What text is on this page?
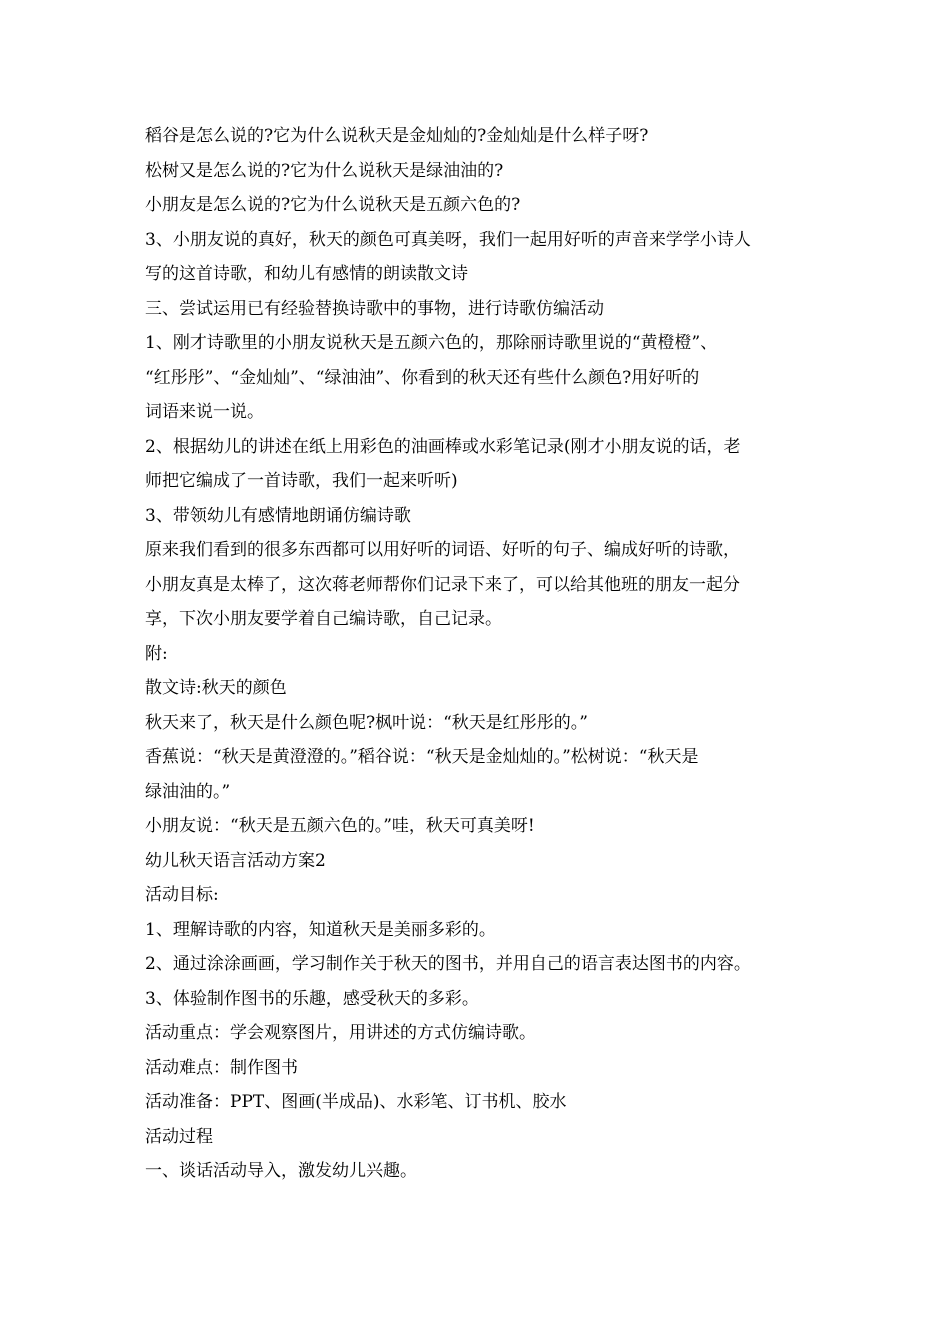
稻谷是怎么说的?它为什么说秋天是金灿灿的?金灿灿是什么样子呀?

松树又是怎么说的?它为什么说秋天是绿油油的?

小朋友是怎么说的?它为什么说秋天是五颜六色的?

3、小朋友说的真好，秋天的颜色可真美呀，我们一起用好听的声音来学学小诗人

写的这首诗歌，和幼儿有感情的朗读散文诗

三、尝试运用已有经验替换诗歌中的事物，进行诗歌仿编活动

1、刚才诗歌里的小朋友说秋天是五颜六色的，那除丽诗歌里说的“黄橙橙”、

“红彤彤”、“金灿灿”、“绿油油”、你看到的秋天还有些什么颜色?用好听的

词语来说一说。

2、根据幼儿的讲述在纸上用彩色的油画棒或水彩笔记录(刚才小朋友说的话，老

师把它编成了一首诗歌，我们一起来听听)

3、带领幼儿有感情地朗诵仿编诗歌

原来我们看到的很多东西都可以用好听的词语、好听的句子、编成好听的诗歌，

小朋友真是太棒了，这次蒋老师帮你们记录下来了，可以给其他班的朋友一起分

享，下次小朋友要学着自己编诗歌，自己记录。

附:

散文诗:秋天的颜色

秋天来了，秋天是什么颜色呢?枫叶说：“秋天是红彤彤的。”

香蕉说：“秋天是黄澄澄的。”稻谷说：“秋天是金灿灿的。”松树说：“秋天是

绿油油的。”

小朋友说：“秋天是五颜六色的。”哇，秋天可真美呀!

幼儿秋天语言活动方案2

活动目标:

1、理解诗歌的内容，知道秋天是美丽多彩的。

2、通过涂涂画画，学习制作关于秋天的图书，并用自己的语言表达图书的内容。

3、体验制作图书的乐趣，感受秋天的多彩。

活动重点：学会观察图片，用讲述的方式仿编诗歌。

活动难点：制作图书

活动准备：PPT、图画(半成品)、水彩笔、订书机、胶水

活动过程

一、谈话活动导入，激发幼儿兴趣。
